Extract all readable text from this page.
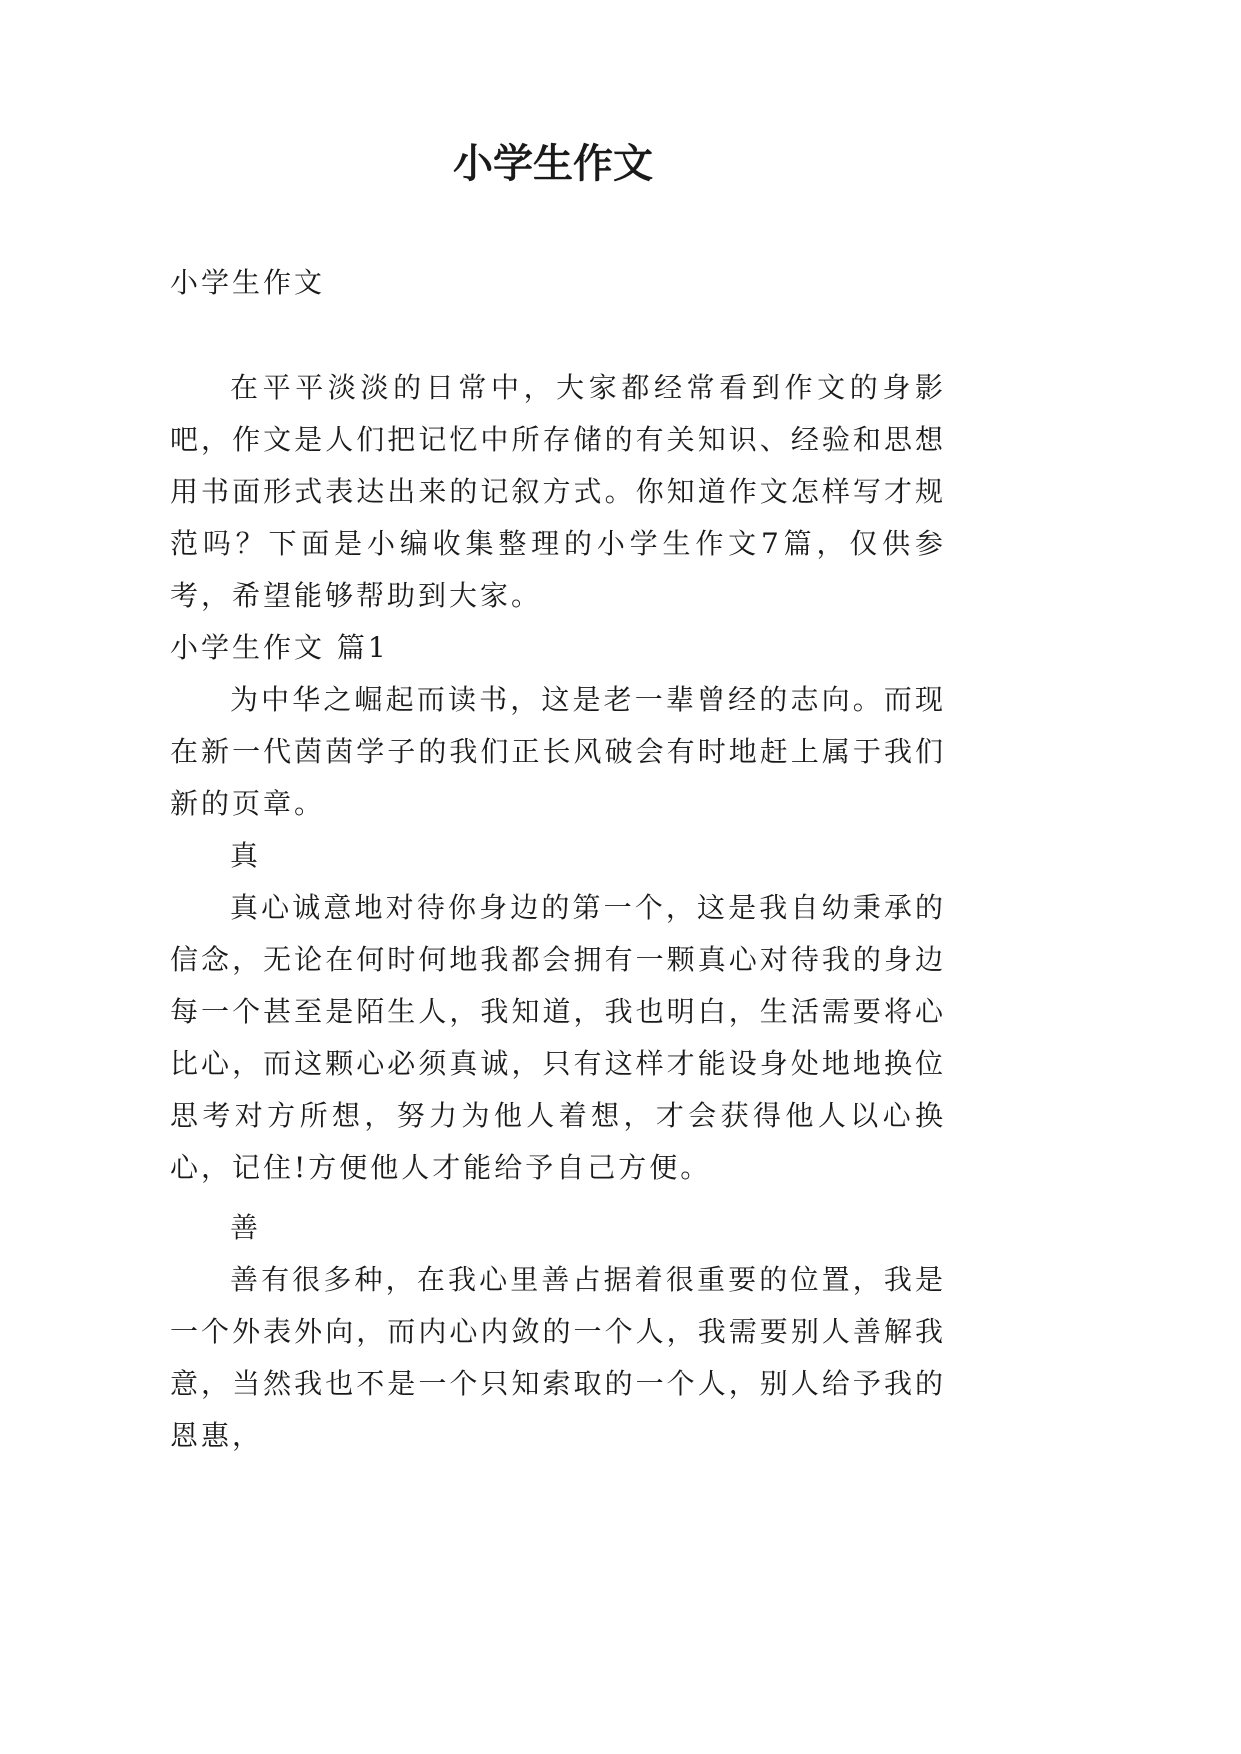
小学生作文
小学生作文

在平平淡淡的日常中，大家都经常看到作文的身影吧，作文是人们把记忆中所存储的有关知识、经验和思想用书面形式表达出来的记叙方式。你知道作文怎样写才规范吗？下面是小编收集整理的小学生作文7篇，仅供参考，希望能够帮助到大家。

小学生作文 篇1

为中华之崛起而读书，这是老一辈曾经的志向。而现在新一代茵茵学子的我们正长风破会有时地赶上属于我们新的页章。

真

真心诚意地对待你身边的第一个，这是我自幼秉承的信念，无论在何时何地我都会拥有一颗真心对待我的身边每一个甚至是陌生人，我知道，我也明白，生活需要将心比心，而这颗心必须真诚，只有这样才能设身处地地换位思考对方所想，努力为他人着想，才会获得他人以心换心，记住!方便他人才能给予自己方便。

善

善有很多种，在我心里善占据着很重要的位置，我是一个外表外向，而内心内敛的一个人，我需要别人善解我意，当然我也不是一个只知索取的一个人，别人给予我的恩惠，
